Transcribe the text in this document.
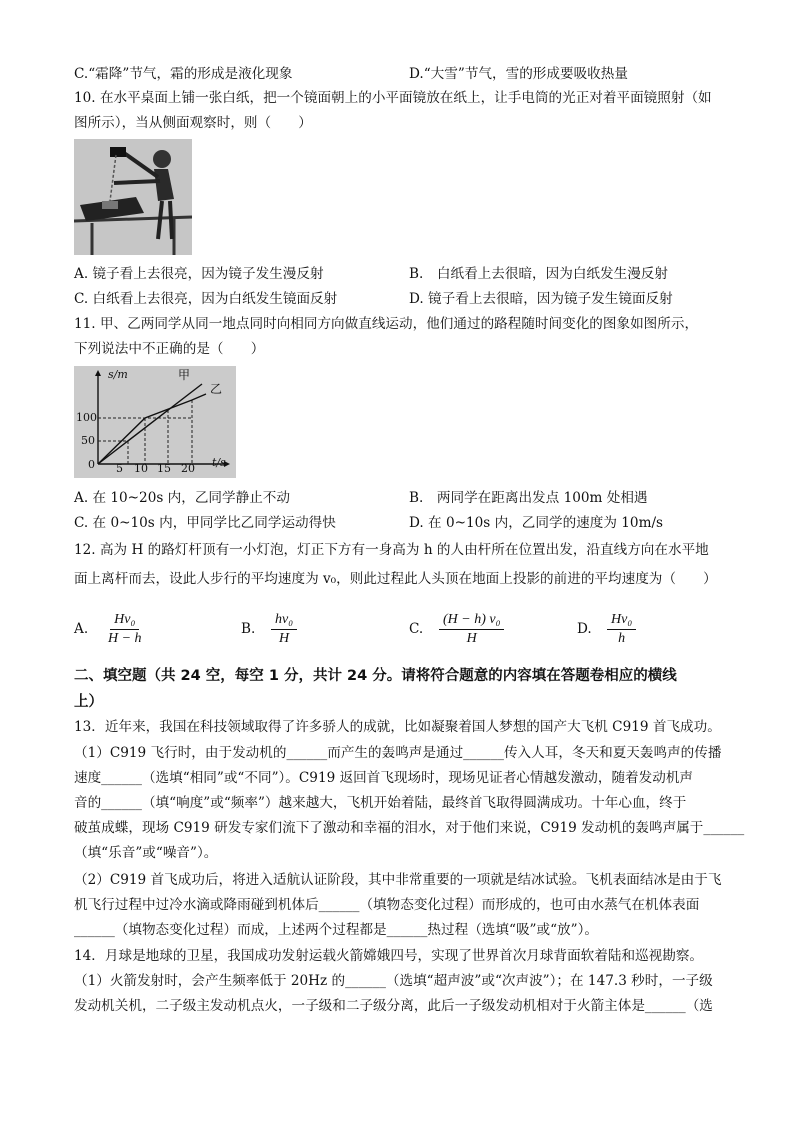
C.“霜降”节气，霜的形成是液化现象	D.“大雪”节气，雪的形成要吸收热量
10. 在水平桌面上铺一张白纸，把一个镜面朝上的小平面镜放在纸上，让手电筒的光正对着平面镜照射（如
图所示），当从侧面观察时，则（　　）
A. 镜子看上去很亮，因为镜子发生漫反射	B.　白纸看上去很暗，因为白纸发生漫反射
C. 白纸看上去很亮，因为白纸发生镜面反射	D. 镜子看上去很暗，因为镜子发生镜面反射
11. 甲、乙两同学从同一地点同时向相同方向做直线运动，他们通过的路程随时间变化的图象如图所示，
下列说法中不正确的是（　　）
s/m
t/s
0
100
50
5 10 15 20
甲
乙
A. 在 10~20s 内，乙同学静止不动	B.　两同学在距离出发点 100m 处相遇
C. 在 0~10s 内，甲同学比乙同学运动得快	D. 在 0~10s 内，乙同学的速度为 10m/s
12. 高为 H 的路灯杆顶有一小灯泡，灯正下方有一身高为 h 的人由杆所在位置出发，沿直线方向在水平地
面上离杆而去，设此人步行的平均速度为 v₀，则此过程此人头顶在地面上投影的前进的平均速度为（　　）
A. $\frac{\text{Hv₀}}{H - h}$	B. $\frac{\text{hv₀}}{H}$	C. $\frac{\text{(H − h) v₀}}{H}$	D. $\frac{\text{Hv₀}}{h}$
二、填空题（共 24 空，每空 1 分，共计 24 分。请将符合题意的内容填在答题卷相应的横线
上）
13．近年来，我国在科技领域取得了许多骄人的成就，比如凝聚着国人梦想的国产大飞机 C919 首飞成功。
（1）C919 飞行时，由于发动机的______而产生的轰鸣声是通过______传入人耳，冬天和夏天轰鸣声的传播
速度______（选填“相同”或“不同”）。C919 返回首飞现场时，现场见证者心情越发激动，随着发动机声
音的______（填“响度”或“频率”）越来越大，飞机开始着陆，最终首飞取得圆满成功。十年心血，终于
破茧成蝶，现场 C919 研发专家们流下了激动和幸福的泪水，对于他们来说，C919 发动机的轰鸣声属于______
（填“乐音”或“噪音”）。
（2）C919 首飞成功后，将进入适航认证阶段，其中非常重要的一项就是结冰试验。飞机表面结冰是由于飞
机飞行过程中过冷水滴或降雨碰到机体后______（填物态变化过程）而形成的，也可由水蒸气在机体表面
______（填物态变化过程）而成，上述两个过程都是______热过程（选填“吸”或“放”）。
14．月球是地球的卫星，我国成功发射运载火箭嫦娥四号，实现了世界首次月球背面软着陆和巡视勘察。
（1）火箭发射时，会产生频率低于 20Hz 的______（选填“超声波”或“次声波”）；在 147.3 秒时，一子级
发动机关机，二子级主发动机点火，一子级和二子级分离，此后一子级发动机相对于火箭主体是______（选
